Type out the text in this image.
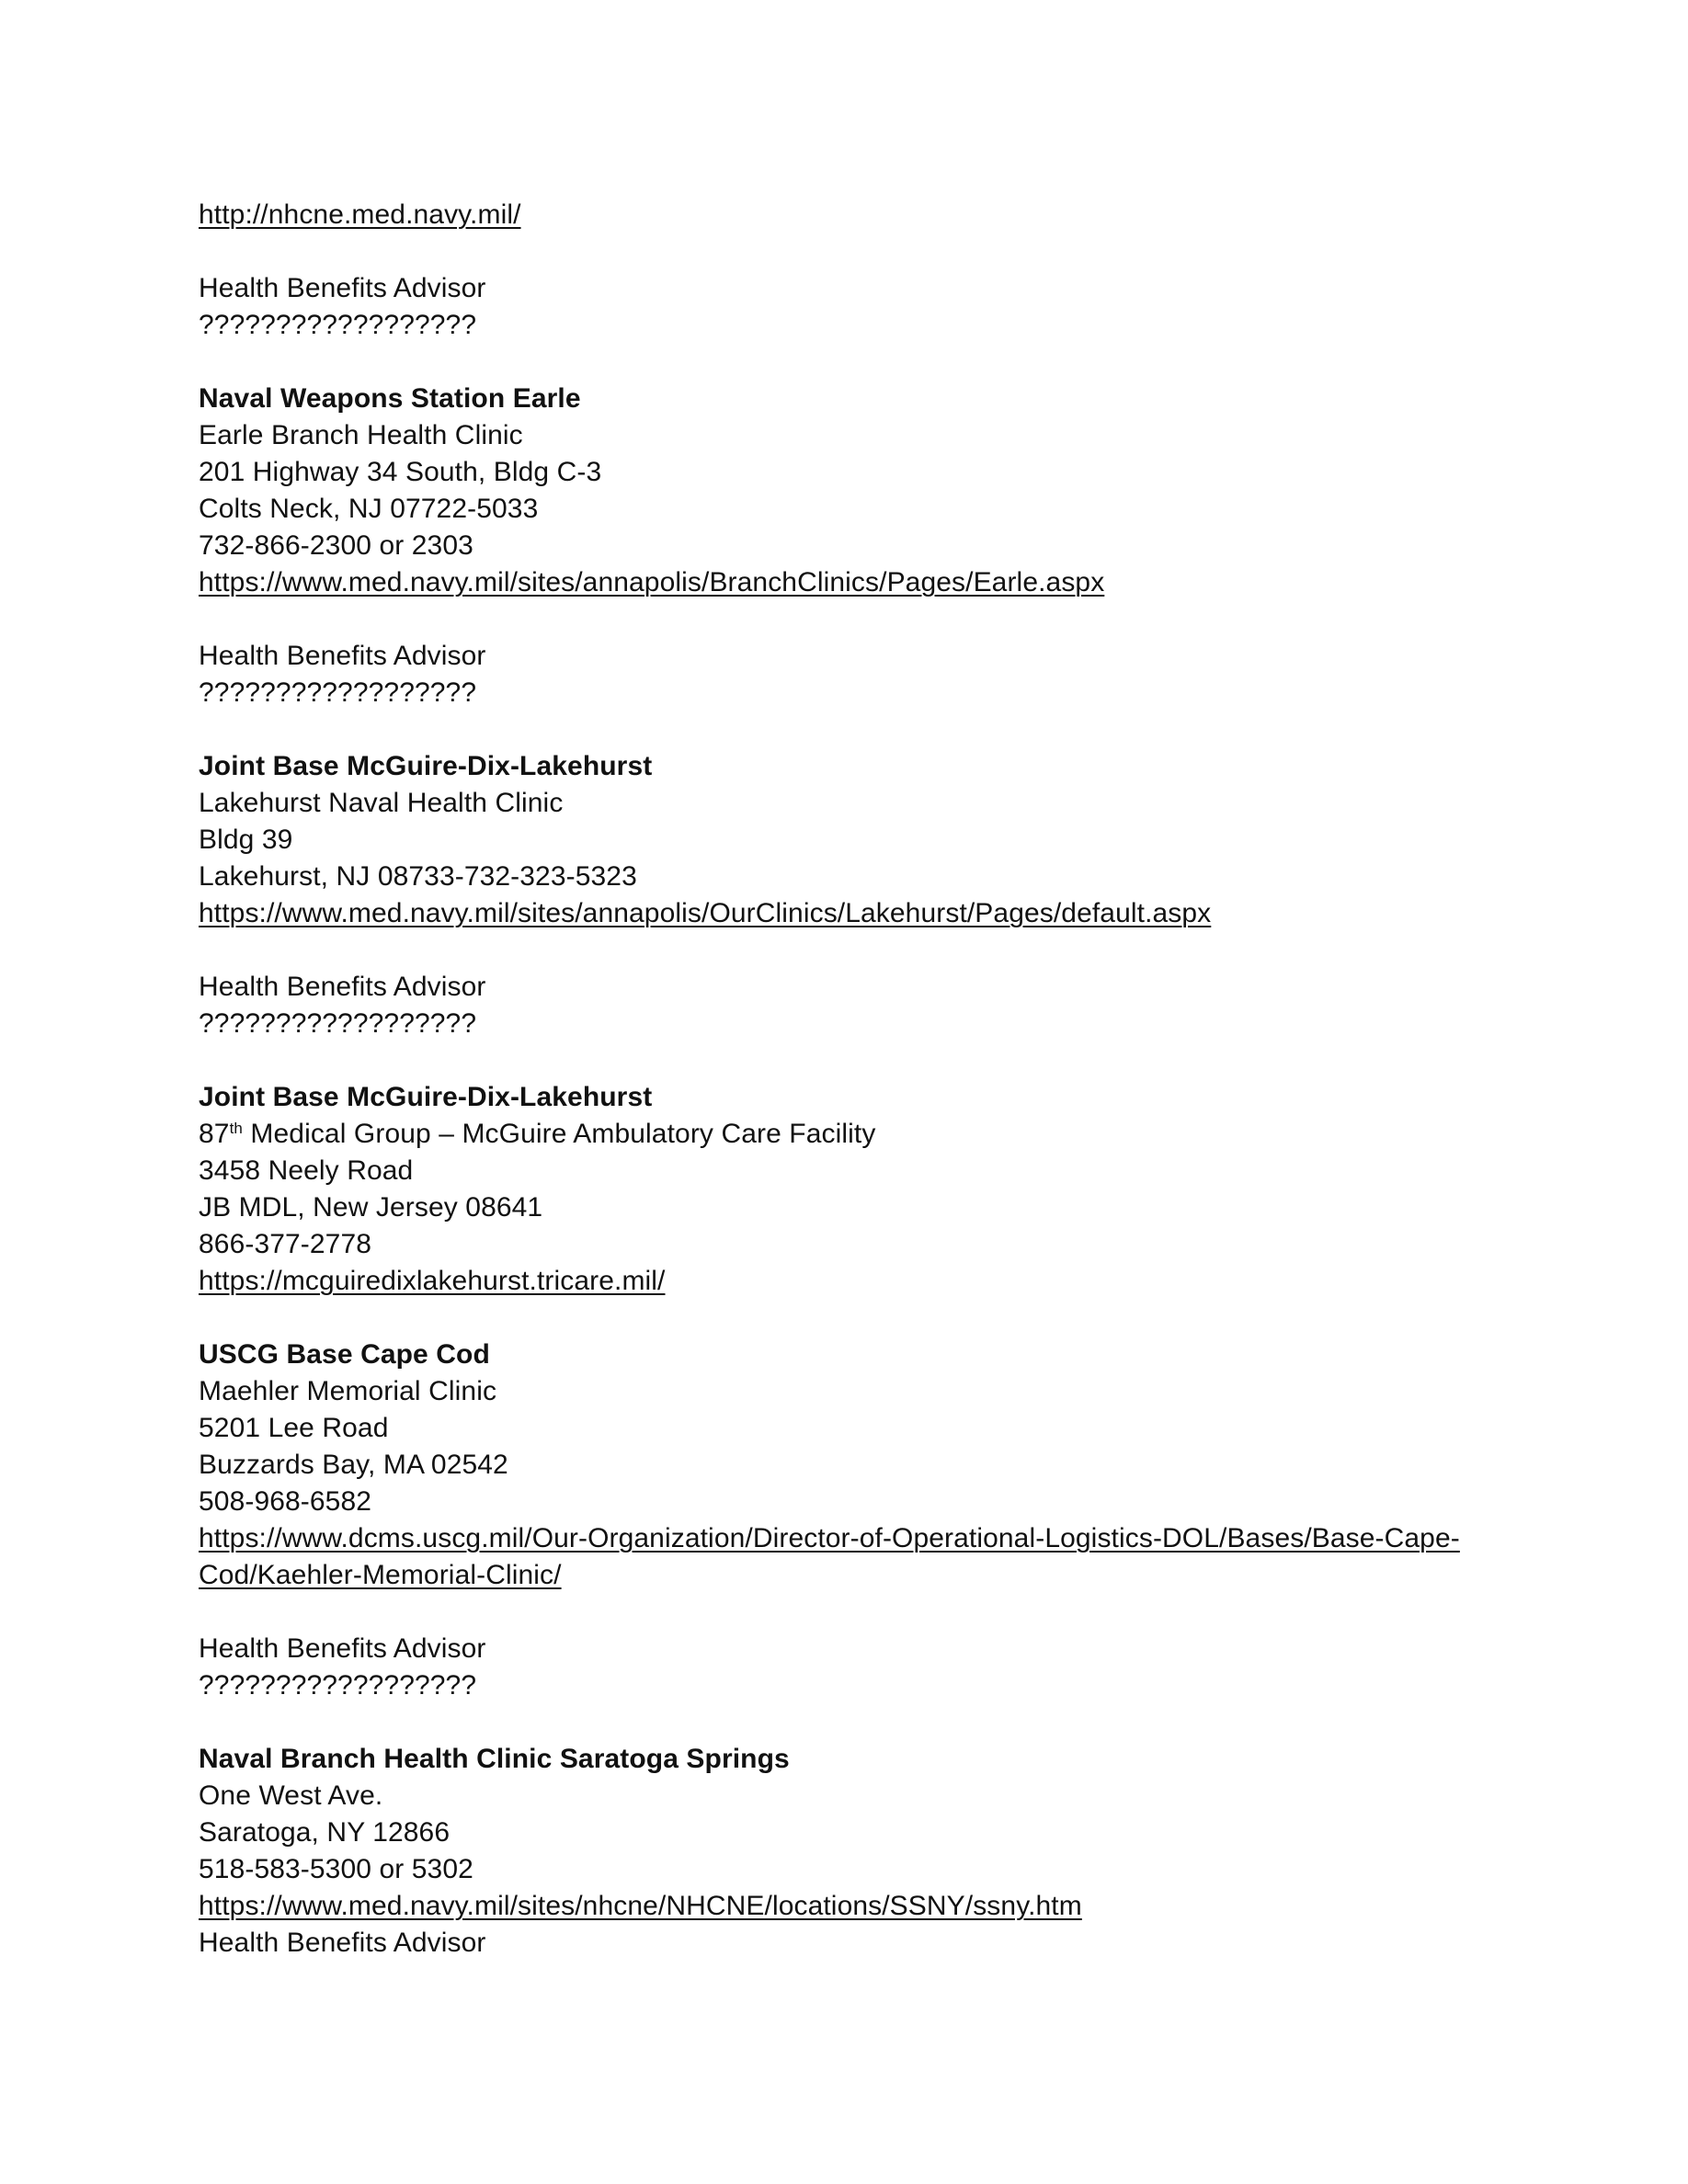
http://nhcne.med.navy.mil/
Health Benefits Advisor
??????????????????
Naval Weapons Station Earle
Earle Branch Health Clinic
201 Highway 34 South, Bldg C-3
Colts Neck, NJ 07722-5033
732-866-2300 or 2303
https://www.med.navy.mil/sites/annapolis/BranchClinics/Pages/Earle.aspx
Health Benefits Advisor
??????????????????
Joint Base McGuire-Dix-Lakehurst
Lakehurst Naval Health Clinic
Bldg 39
Lakehurst, NJ 08733-732-323-5323
https://www.med.navy.mil/sites/annapolis/OurClinics/Lakehurst/Pages/default.aspx
Health Benefits Advisor
??????????????????
Joint Base McGuire-Dix-Lakehurst
87th Medical Group – McGuire Ambulatory Care Facility
3458 Neely Road
JB MDL, New Jersey 08641
866-377-2778
https://mcguiredixlakehurst.tricare.mil/
USCG Base Cape Cod
Maehler Memorial Clinic
5201 Lee Road
Buzzards Bay, MA 02542
508-968-6582
https://www.dcms.uscg.mil/Our-Organization/Director-of-Operational-Logistics-DOL/Bases/Base-Cape-
Cod/Kaehler-Memorial-Clinic/
Health Benefits Advisor
??????????????????
Naval Branch Health Clinic Saratoga Springs
One West Ave.
Saratoga, NY 12866
518-583-5300 or 5302
https://www.med.navy.mil/sites/nhcne/NHCNE/locations/SSNY/ssny.htm
Health Benefits Advisor
